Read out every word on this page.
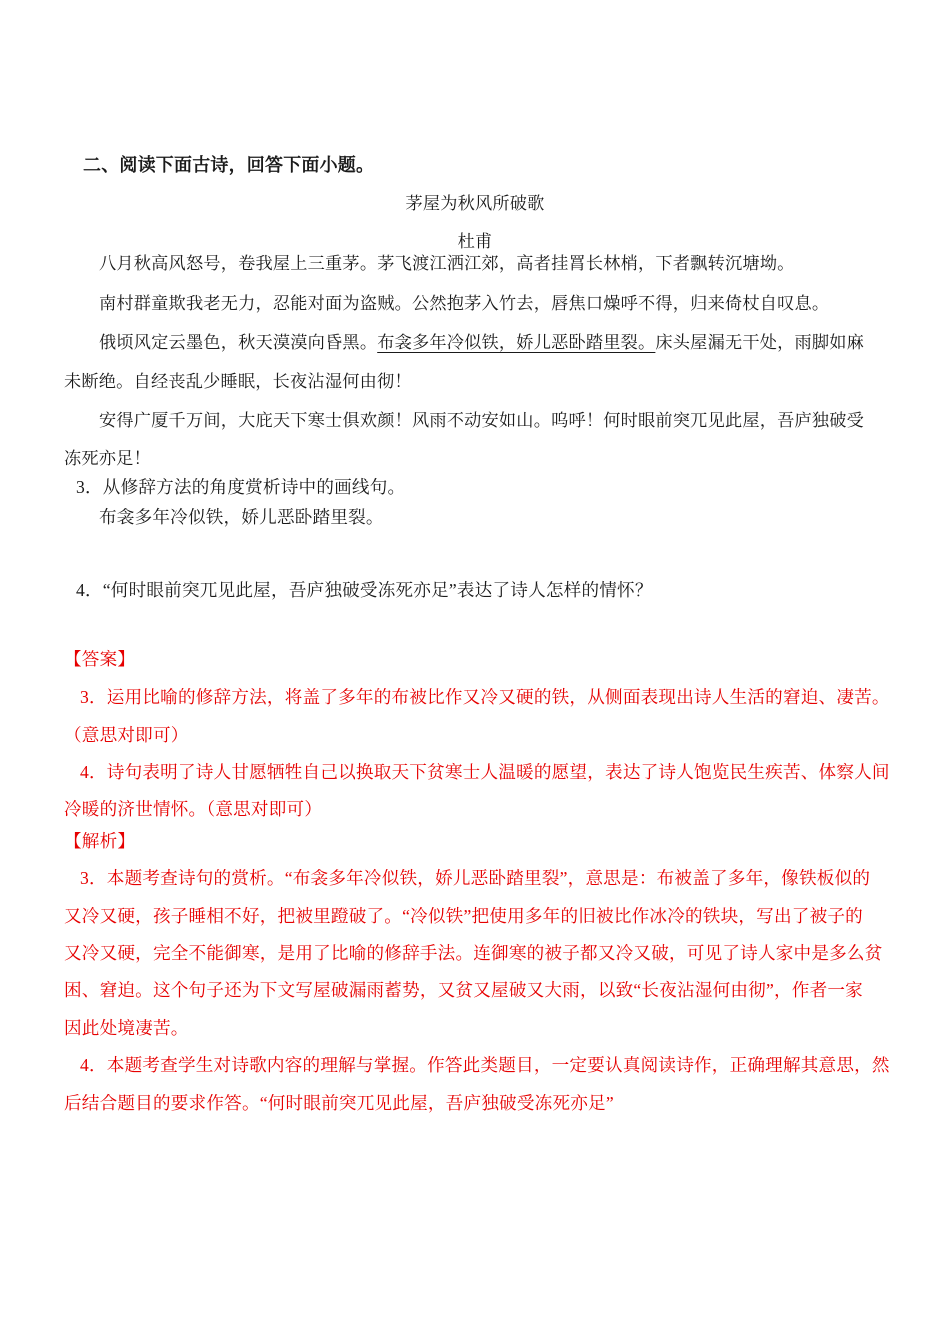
二、阅读下面古诗，回答下面小题。
茅屋为秋风所破歌
杜甫
八月秋高风怒号，卷我屋上三重茅。茅飞渡江洒江郊，高者挂罥长林梢，下者飘转沉塘坳。
南村群童欺我老无力，忍能对面为盗贼。公然抱茅入竹去，唇焦口燥呼不得，归来倚杖自叹息。
俄顷风定云墨色，秋天漠漠向昏黑。布衾多年冷似铁，娇儿恶卧踏里裂。床头屋漏无干处，雨脚如麻
未断绝。自经丧乱少睡眠，长夜沾湿何由彻！
安得广厦千万间，大庇天下寒士俱欢颜！风雨不动安如山。呜呼！何时眼前突兀见此屋，吾庐独破受
冻死亦足！
3．从修辞方法的角度赏析诗中的画线句。
布衾多年冷似铁，娇儿恶卧踏里裂。
4．“何时眼前突兀见此屋，吾庐独破受冻死亦足”表达了诗人怎样的情怀？
【答案】
3．运用比喻的修辞方法，将盖了多年的布被比作又冷又硬的铁，从侧面表现出诗人生活的窘迫、凄苦。
（意思对即可）
4．诗句表明了诗人甘愿牺牲自己以换取天下贫寒士人温暖的愿望，表达了诗人饱览民生疾苦、体察人间
冷暖的济世情怀。（意思对即可）
【解析】
3．本题考查诗句的赏析。“布衾多年冷似铁，娇儿恶卧踏里裂”，意思是：布被盖了多年，像铁板似的
又冷又硬，孩子睡相不好，把被里蹬破了。“冷似铁”把使用多年的旧被比作冰冷的铁块，写出了被子的
又冷又硬，完全不能御寒，是用了比喻的修辞手法。连御寒的被子都又冷又破，可见了诗人家中是多么贫
困、窘迫。这个句子还为下文写屋破漏雨蓄势，又贫又屋破又大雨，以致“长夜沾湿何由彻”，作者一家
因此处境凄苦。
4．本题考查学生对诗歌内容的理解与掌握。作答此类题目，一定要认真阅读诗作，正确理解其意思，然
后结合题目的要求作答。“何时眼前突兀见此屋，吾庐独破受冻死亦足”
